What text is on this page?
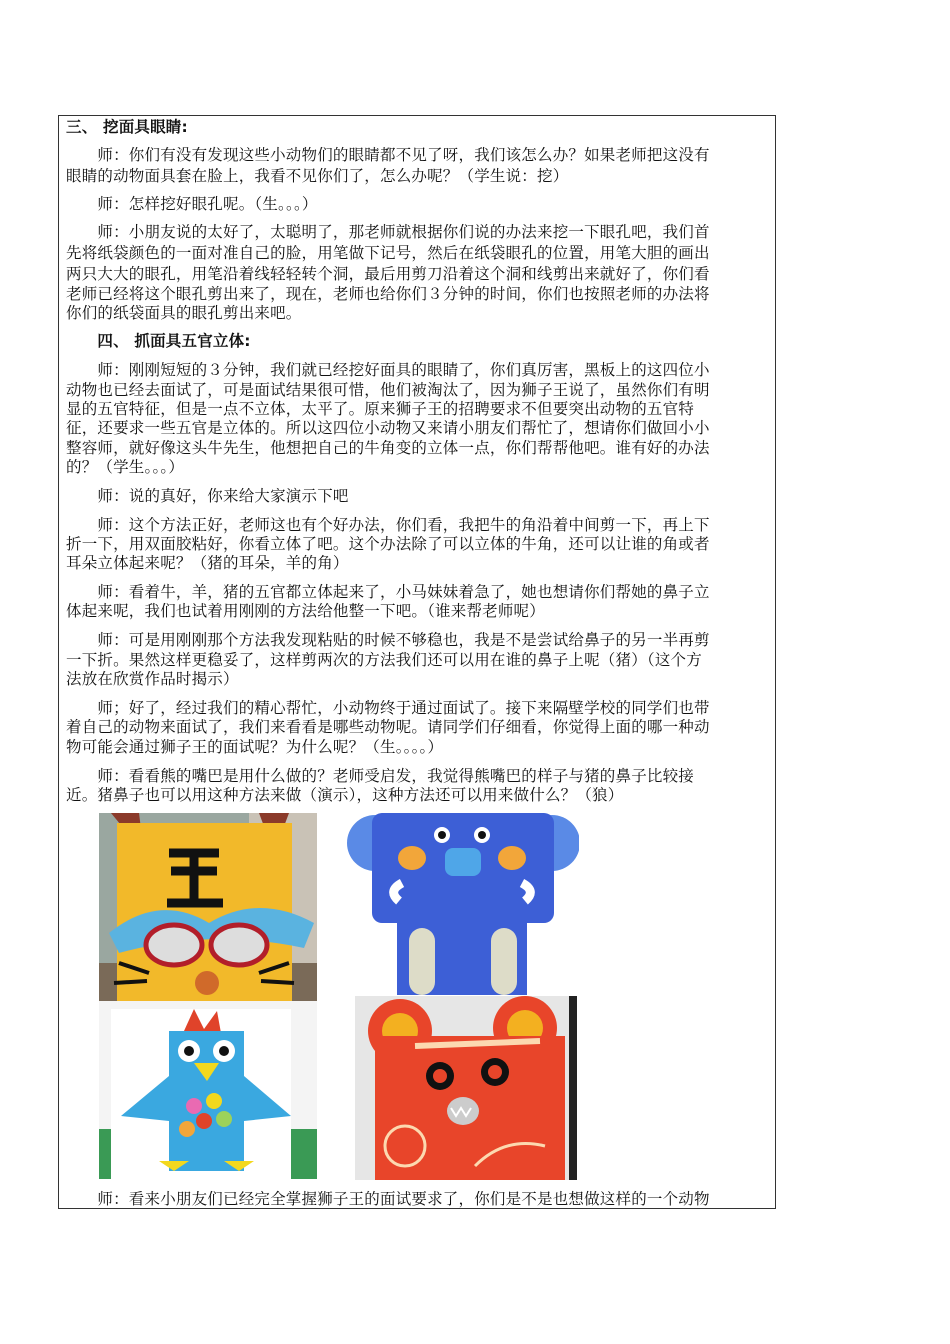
三、 挖面具眼睛:
　　师：你们有没有发现这些小动物们的眼睛都不见了呀，我们该怎么办？如果老师把这没有
眼睛的动物面具套在脸上，我看不见你们了，怎么办呢？（学生说：挖）
　　师：怎样挖好眼孔呢。（生。。。）
　　师：小朋友说的太好了，太聪明了，那老师就根据你们说的办法来挖一下眼孔吧，我们首
先将纸袋颜色的一面对准自己的脸，用笔做下记号，然后在纸袋眼孔的位置，用笔大胆的画出
两只大大的眼孔，用笔沿着线轻轻转个洞，最后用剪刀沿着这个洞和线剪出来就好了，你们看
老师已经将这个眼孔剪出来了，现在，老师也给你们３分钟的时间，你们也按照老师的办法将
你们的纸袋面具的眼孔剪出来吧。
　　四、 抓面具五官立体:
　　师：刚刚短短的３分钟，我们就已经挖好面具的眼睛了，你们真厉害，黑板上的这四位小
动物也已经去面试了，可是面试结果很可惜，他们被淘汰了，因为狮子王说了，虽然你们有明
显的五官特征，但是一点不立体，太平了。原来狮子王的招聘要求不但要突出动物的五官特
征，还要求一些五官是立体的。所以这四位小动物又来请小朋友们帮忙了，想请你们做回小小
整容师，就好像这头牛先生，他想把自己的牛角变的立体一点，你们帮帮他吧。谁有好的办法
的？（学生。。。）
　　师：说的真好，你来给大家演示下吧
　　师：这个方法正好，老师这也有个好办法，你们看，我把牛的角沿着中间剪一下，再上下
折一下，用双面胶粘好，你看立体了吧。这个办法除了可以立体的牛角，还可以让谁的角或者
耳朵立体起来呢？（猪的耳朵，羊的角）
　　师：看着牛，羊，猪的五官都立体起来了，小马妹妹着急了，她也想请你们帮她的鼻子立
体起来呢，我们也试着用刚刚的方法给他整一下吧。（谁来帮老师呢）
　　师：可是用刚刚那个方法我发现粘贴的时候不够稳也，我是不是尝试给鼻子的另一半再剪
一下折。果然这样更稳妥了，这样剪两次的方法我们还可以用在谁的鼻子上呢（猪）（这个方
法放在欣赏作品时揭示）
　　师；好了，经过我们的精心帮忙，小动物终于通过面试了。接下来隔壁学校的同学们也带
着自己的动物来面试了，我们来看看是哪些动物呢。请同学们仔细看，你觉得上面的哪一种动
物可能会通过狮子王的面试呢？为什么呢？（生。。。。）
　　师：看看熊的嘴巴是用什么做的？老师受启发，我觉得熊嘴巴的样子与猪的鼻子比较接
近。猪鼻子也可以用这种方法来做（演示），这种方法还可以用来做什么？（狼）
　　师：看来小朋友们已经完全掌握狮子王的面试要求了，你们是不是也想做这样的一个动物
